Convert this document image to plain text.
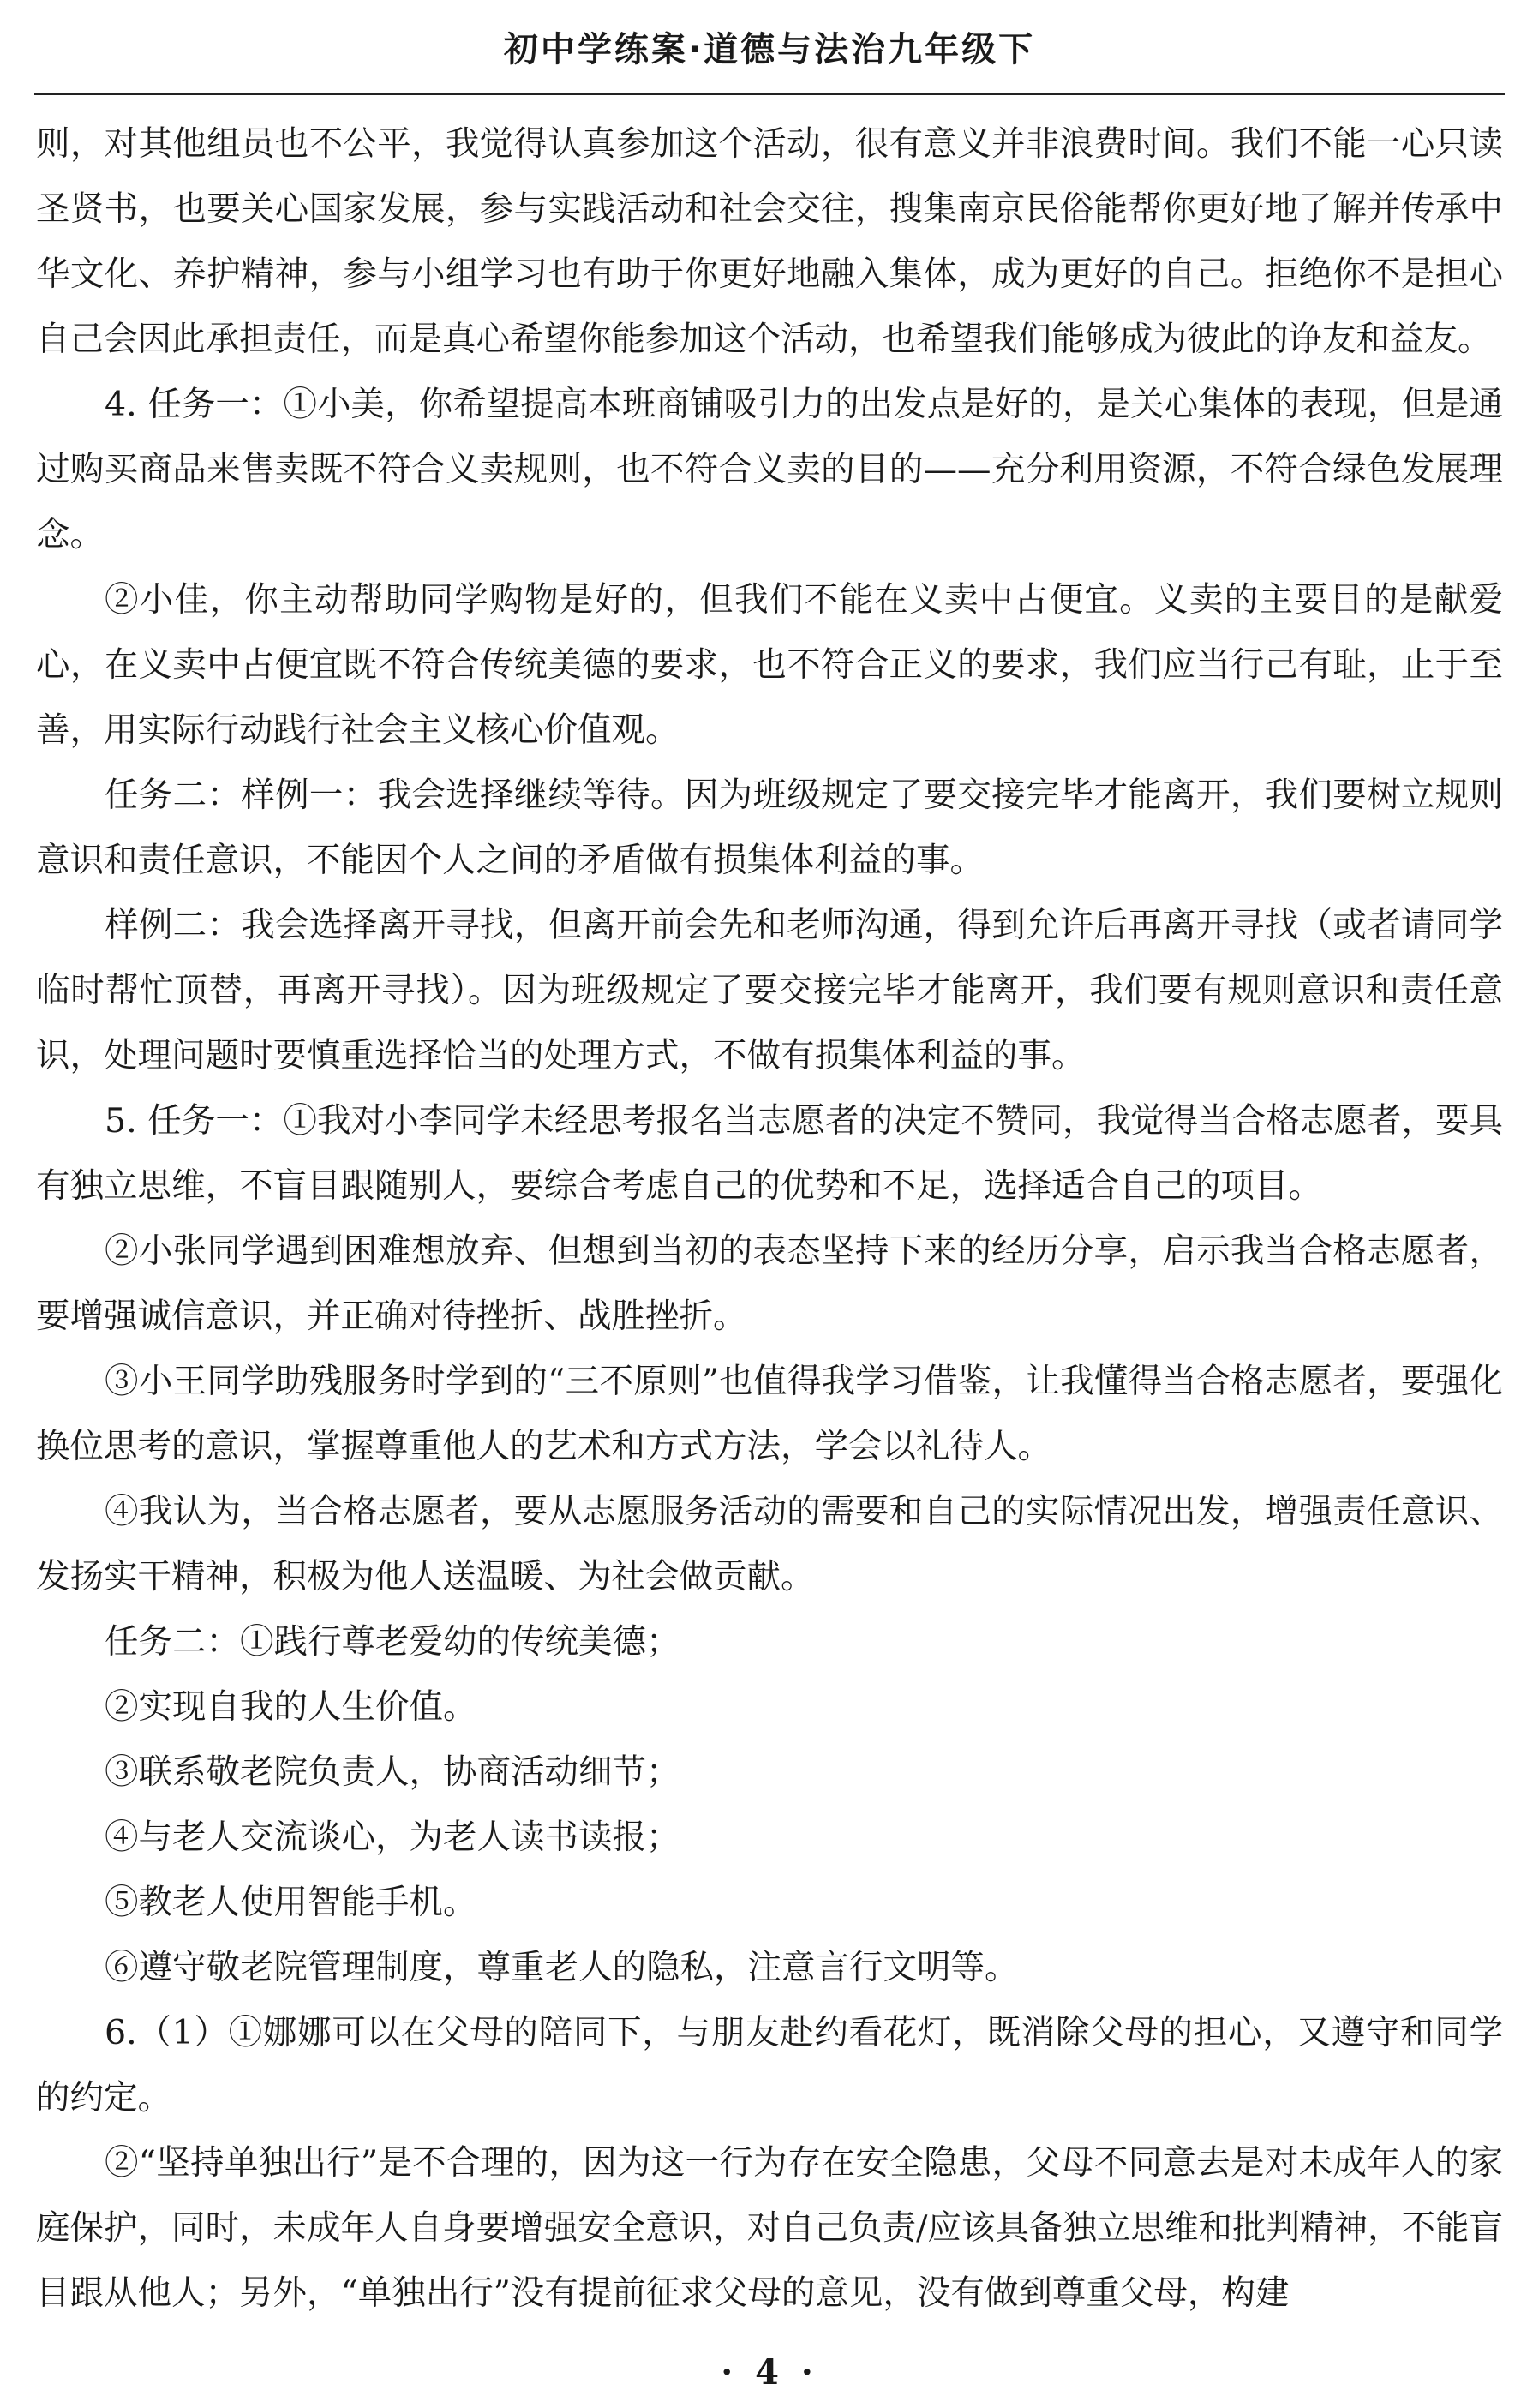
初中学练案·道德与法治九年级下

则，对其他组员也不公平，我觉得认真参加这个活动，很有意义并非浪费时间。我们不能一心只读圣贤书，也要关心国家发展，参与实践活动和社会交往，搜集南京民俗能帮你更好地了解并传承中华文化、养护精神，参与小组学习也有助于你更好地融入集体，成为更好的自己。拒绝你不是担心自己会因此承担责任，而是真心希望你能参加这个活动，也希望我们能够成为彼此的诤友和益友。

4. 任务一：①小美，你希望提高本班商铺吸引力的出发点是好的，是关心集体的表现，但是通过购买商品来售卖既不符合义卖规则，也不符合义卖的目的——充分利用资源，不符合绿色发展理念。

②小佳，你主动帮助同学购物是好的，但我们不能在义卖中占便宜。义卖的主要目的是献爱心，在义卖中占便宜既不符合传统美德的要求，也不符合正义的要求，我们应当行己有耻，止于至善，用实际行动践行社会主义核心价值观。

任务二：样例一：我会选择继续等待。因为班级规定了要交接完毕才能离开，我们要树立规则意识和责任意识，不能因个人之间的矛盾做有损集体利益的事。

样例二：我会选择离开寻找，但离开前会先和老师沟通，得到允许后再离开寻找（或者请同学临时帮忙顶替，再离开寻找）。因为班级规定了要交接完毕才能离开，我们要有规则意识和责任意识，处理问题时要慎重选择恰当的处理方式，不做有损集体利益的事。

5. 任务一：①我对小李同学未经思考报名当志愿者的决定不赞同，我觉得当合格志愿者，要具有独立思维，不盲目跟随别人，要综合考虑自己的优势和不足，选择适合自己的项目。

②小张同学遇到困难想放弃、但想到当初的表态坚持下来的经历分享，启示我当合格志愿者，要增强诚信意识，并正确对待挫折、战胜挫折。

③小王同学助残服务时学到的“三不原则”也值得我学习借鉴，让我懂得当合格志愿者，要强化换位思考的意识，掌握尊重他人的艺术和方式方法，学会以礼待人。

④我认为，当合格志愿者，要从志愿服务活动的需要和自己的实际情况出发，增强责任意识、发扬实干精神，积极为他人送温暖、为社会做贡献。

任务二：①践行尊老爱幼的传统美德；

②实现自我的人生价值。

③联系敬老院负责人，协商活动细节；

④与老人交流谈心，为老人读书读报；

⑤教老人使用智能手机。

⑥遵守敬老院管理制度，尊重老人的隐私，注意言行文明等。

6.（1）①娜娜可以在父母的陪同下，与朋友赴约看花灯，既消除父母的担心，又遵守和同学的约定。

②“坚持单独出行”是不合理的，因为这一行为存在安全隐患，父母不同意去是对未成年人的家庭保护，同时，未成年人自身要增强安全意识，对自己负责/应该具备独立思维和批判精神，不能盲目跟从他人；另外，“单独出行”没有提前征求父母的意见，没有做到尊重父母，构建

· 4 ·
